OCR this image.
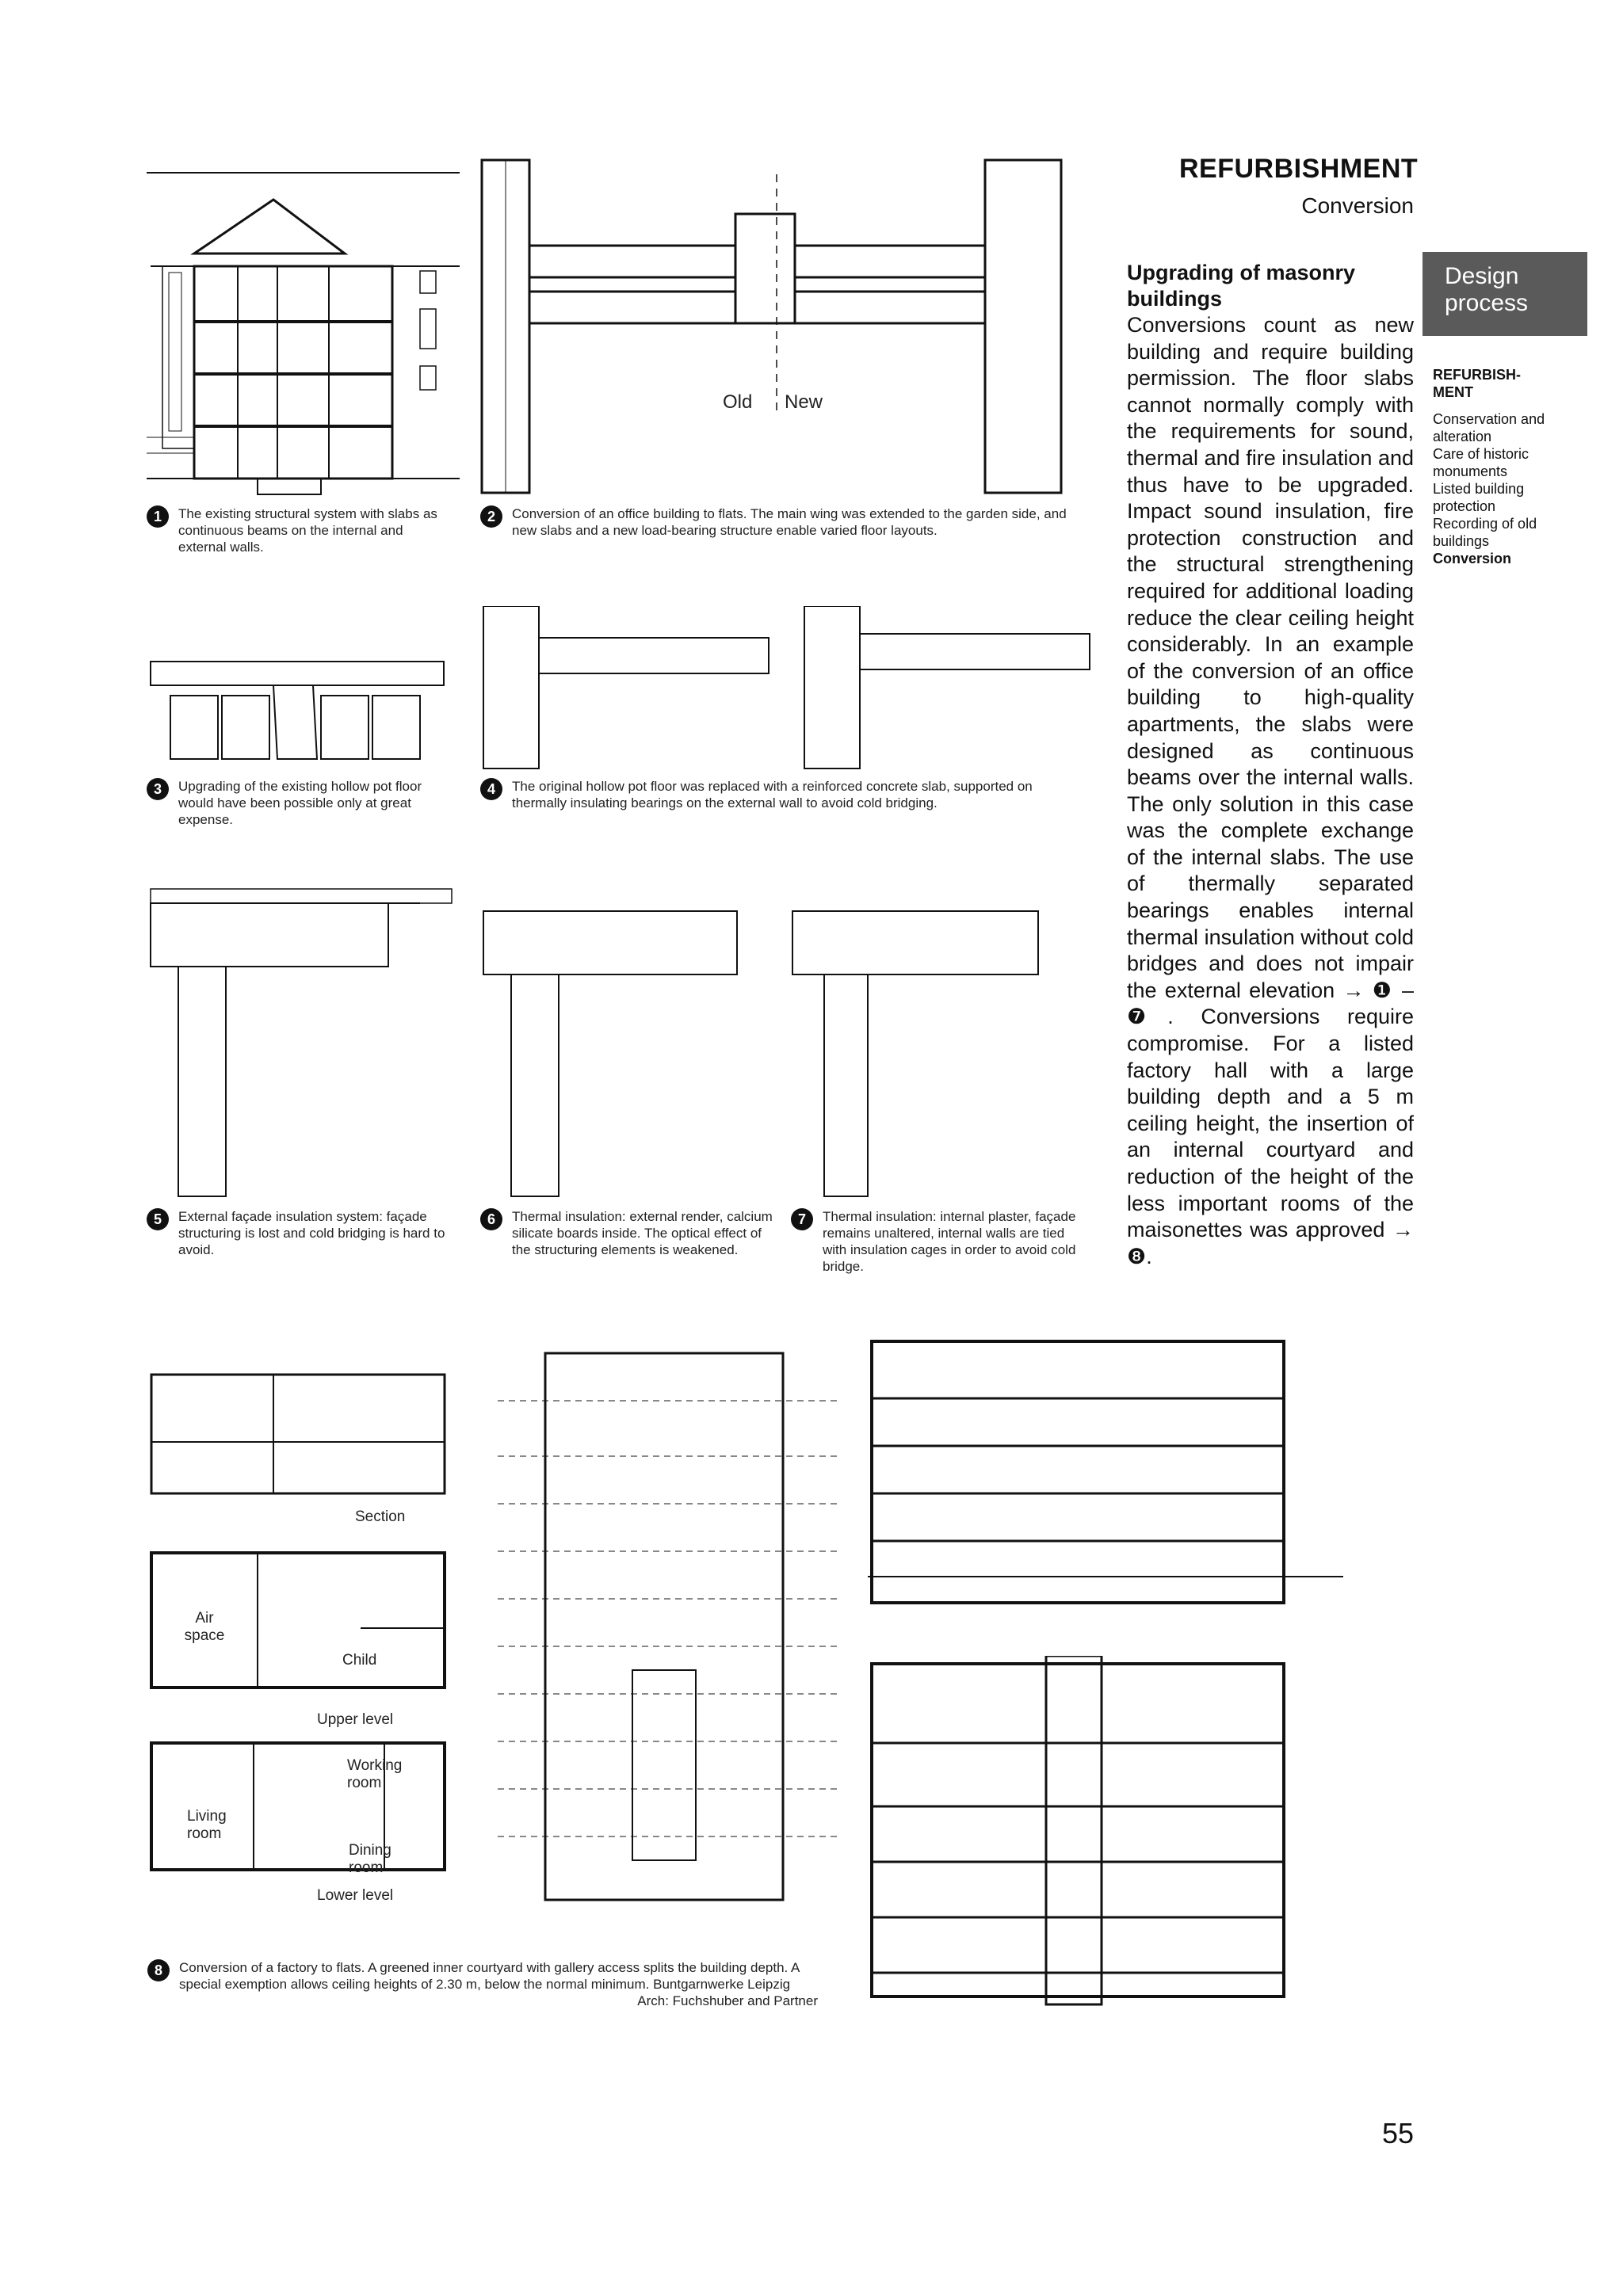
REFURBISHMENT
Conversion
Design
process
REFURBISH-
MENT
Conservation and
alteration
Care of historic
monuments
Listed building
protection
Recording of old
buildings
Conversion
Upgrading of masonry
buildings
Conversions count as new building and require building permission. The floor slabs cannot normally comply with the requirements for sound, thermal and fire insulation and thus have to be upgraded. Impact sound insulation, fire protection construction and the structural strengthening required for additional loading reduce the clear ceiling height considerably. In an example of the conversion of an office building to high-quality apartments, the slabs were designed as continuous beams over the internal walls. The only solution in this case was the complete exchange of the internal slabs. The use of thermally separated bearings enables internal thermal insulation without cold bridges and does not impair the external elevation → ❶ – ❼. Conversions require compromise. For a listed factory hall with a large building depth and a 5 m ceiling height, the insertion of an internal courtyard and reduction of the height of the less important rooms of the maisonettes was approved → ❽.
1	The existing structural system with slabs as continuous beams on the internal and external walls.
Old New
2	Conversion of an office building to flats. The main wing was extended to the garden side, and new slabs and a new load-bearing structure enable varied floor layouts.
3	Upgrading of the existing hollow pot floor would have been possible only at great expense.
4	The original hollow pot floor was replaced with a reinforced concrete slab, supported on thermally insulating bearings on the external wall to avoid cold bridging.
5	External façade insulation system: façade structuring is lost and cold bridging is hard to avoid.
6	Thermal insulation: external render, calcium silicate boards inside. The optical effect of the structuring elements is weakened.
7	Thermal insulation: internal plaster, façade remains unaltered, internal walls are tied with insulation cages in order to avoid cold bridge.
Section
Air space
Child
Upper level
Working room
Living room
Dining room
Lower level
8	Conversion of a factory to flats. A greened inner courtyard with gallery access splits the building depth. A special exemption allows ceiling heights of 2.30 m, below the normal minimum. Buntgarnwerke Leipzig
Arch: Fuchshuber and Partner
55
